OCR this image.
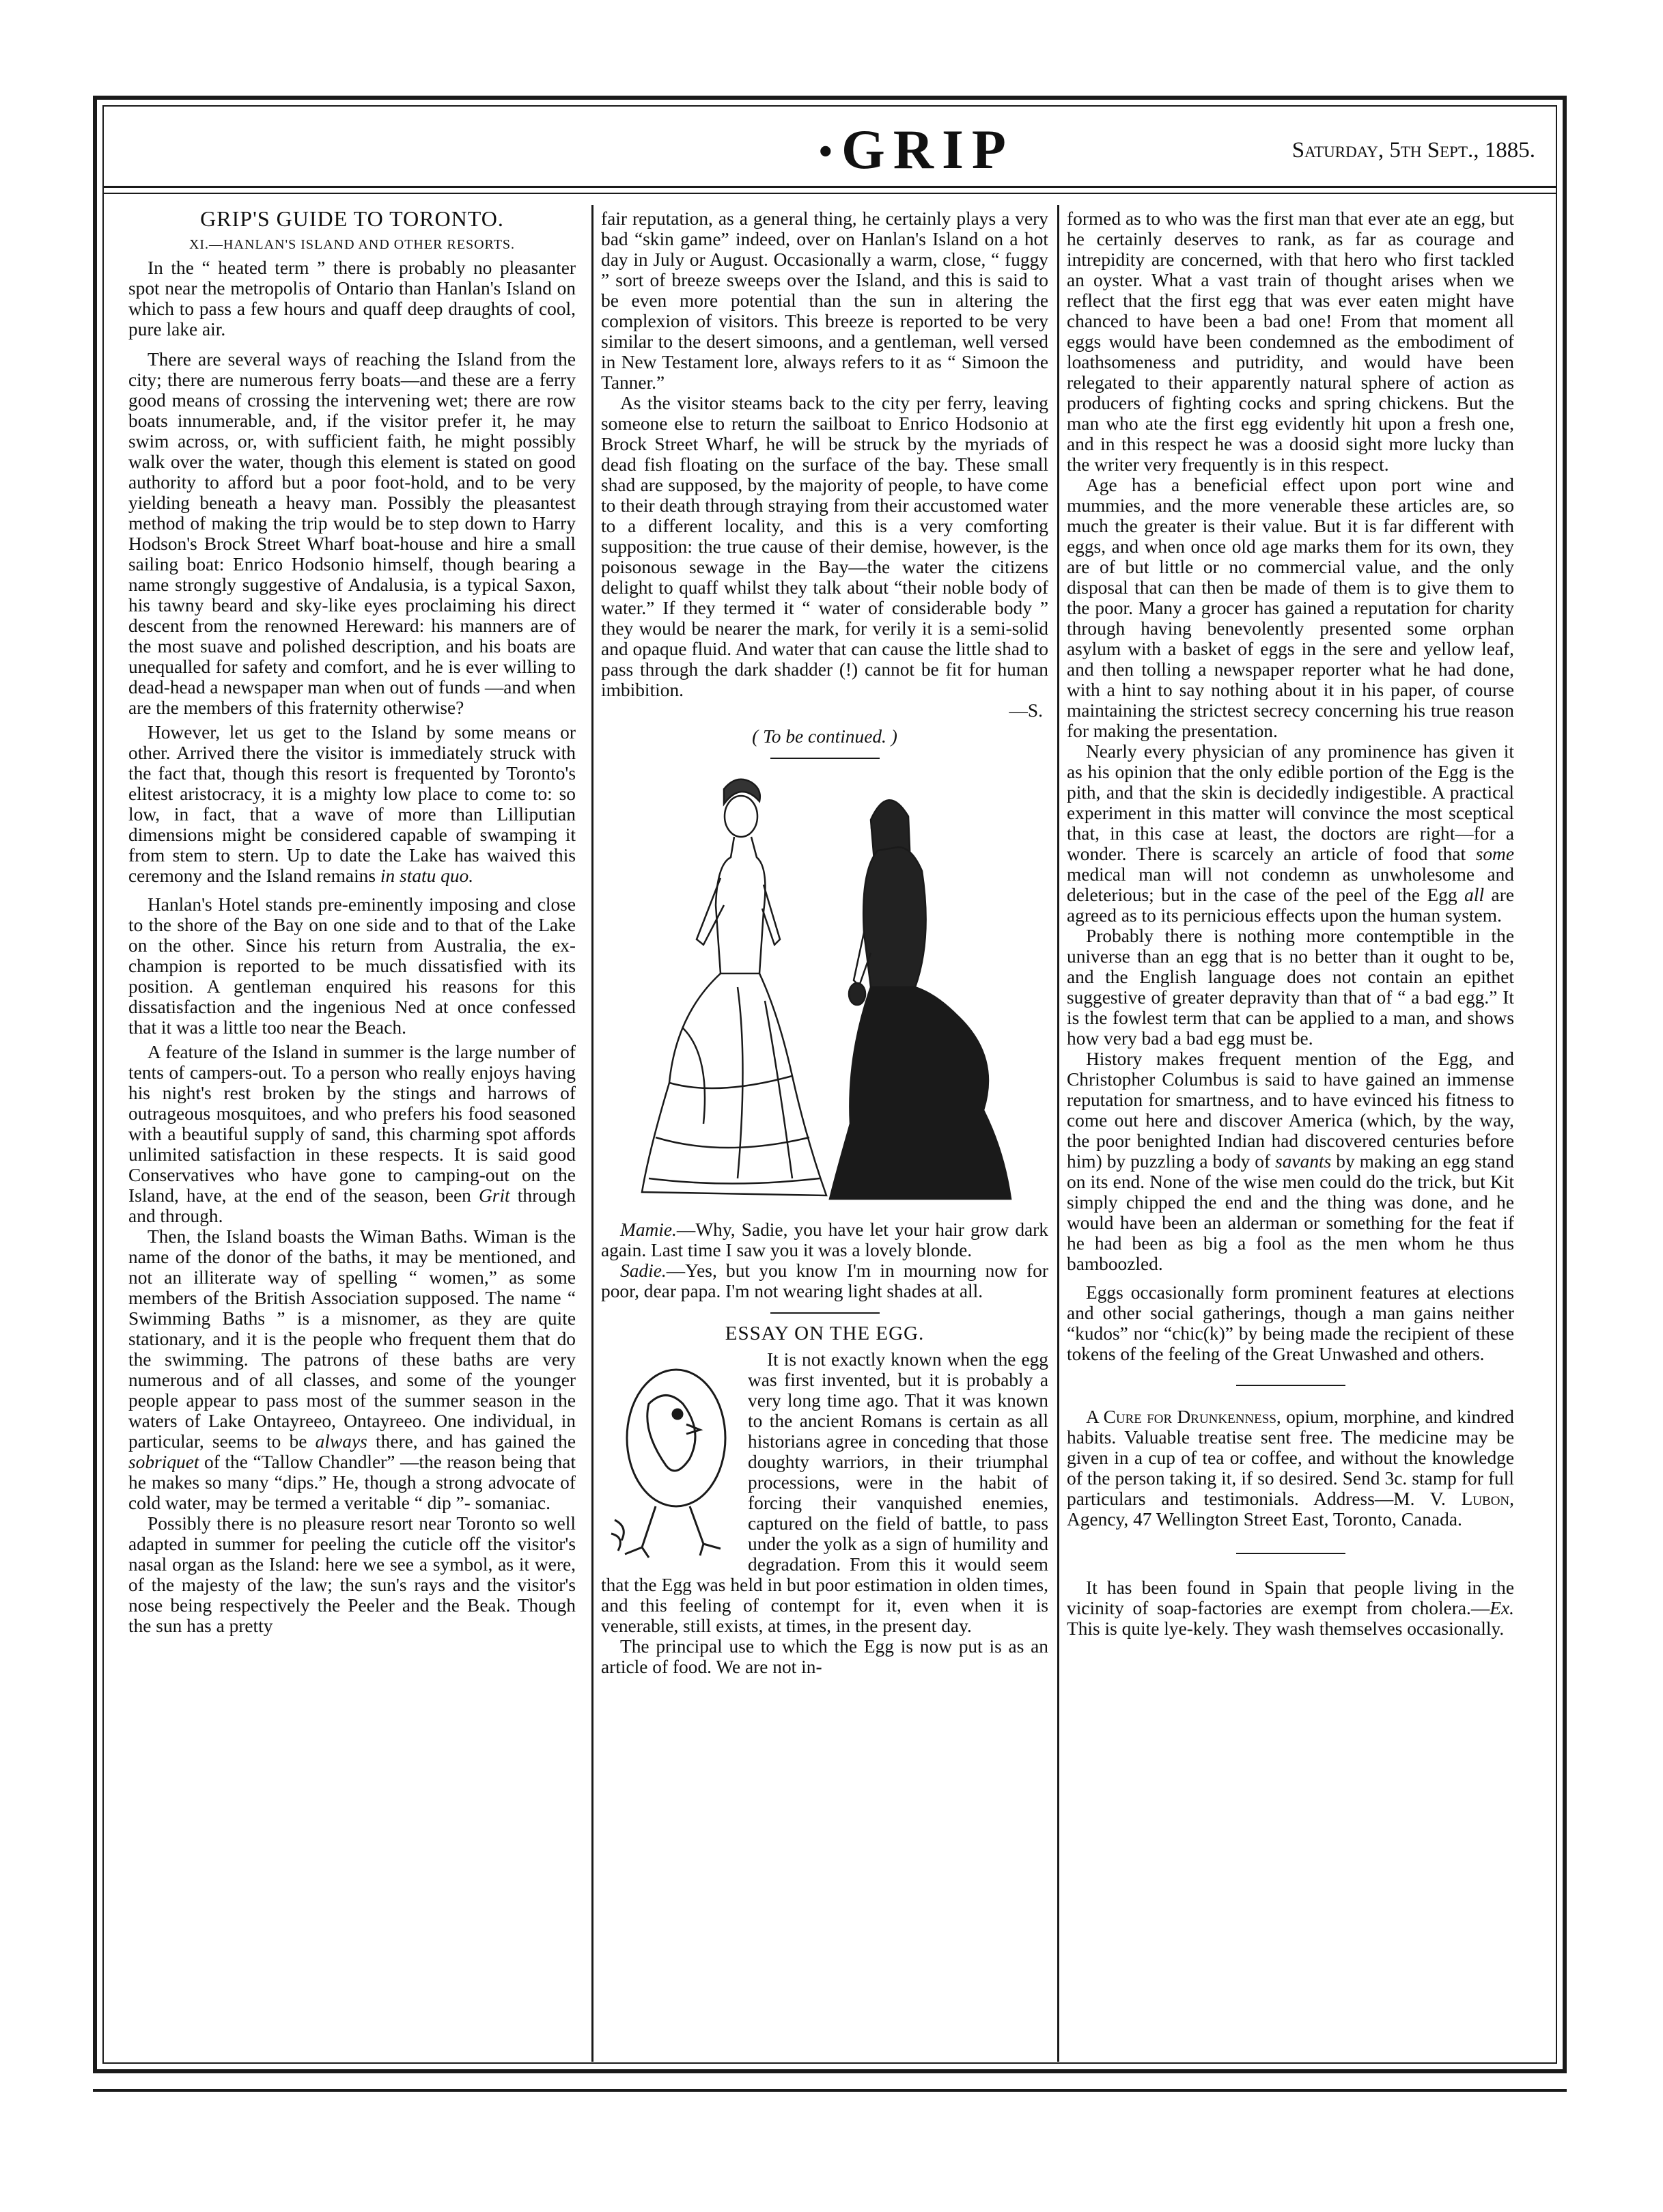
• GRIP	Saturday, 5th Sept., 1885.

GRIP'S GUIDE TO TORONTO.

XI.—HANLAN'S ISLAND AND OTHER RESORTS.

In the “ heated term ” there is probably no pleasanter spot near the metropolis of Ontario than Hanlan's Island on which to pass a few hours and quaff deep draughts of cool, pure lake air.

There are several ways of reaching the Island from the city; there are numerous ferry boats—and these are a ferry good means of crossing the intervening wet; there are row boats innumerable, and, if the visitor prefer it, he may swim across, or, with sufficient faith, he might possibly walk over the water, though this element is stated on good authority to afford but a poor foot-hold, and to be very yielding beneath a heavy man. Possibly the pleasantest method of making the trip would be to step down to Harry Hodson's Brock Street Wharf boat-house and hire a small sailing boat: Enrico Hodsonio himself, though bearing a name strongly suggestive of Andalusia, is a typical Saxon, his tawny beard and sky-like eyes proclaiming his direct descent from the renowned Hereward: his manners are of the most suave and polished description, and his boats are unequalled for safety and comfort, and he is ever willing to dead-head a newspaper man when out of funds —and when are the members of this fraternity otherwise?

However, let us get to the Island by some means or other. Arrived there the visitor is immediately struck with the fact that, though this resort is frequented by Toronto's elitest aristocracy, it is a mighty low place to come to: so low, in fact, that a wave of more than Lilliputian dimensions might be considered capable of swamping it from stem to stern. Up to date the Lake has waived this ceremony and the Island remains in statu quo.

Hanlan's Hotel stands pre-eminently imposing and close to the shore of the Bay on one side and to that of the Lake on the other. Since his return from Australia, the ex-champion is reported to be much dissatisfied with its position. A gentleman enquired his reasons for this dissatisfaction and the ingenious Ned at once confessed that it was a little too near the Beach.

A feature of the Island in summer is the large number of tents of campers-out. To a person who really enjoys having his night's rest broken by the stings and harrows of outrageous mosquitoes, and who prefers his food seasoned with a beautiful supply of sand, this charming spot affords unlimited satisfaction in these respects. It is said good Conservatives who have gone to camping-out on the Island, have, at the end of the season, been Grit through and through.

Then, the Island boasts the Wiman Baths. Wiman is the name of the donor of the baths, it may be mentioned, and not an illiterate way of spelling “ women,” as some members of the British Association supposed. The name “ Swimming Baths ” is a misnomer, as they are quite stationary, and it is the people who frequent them that do the swimming. The patrons of these baths are very numerous and of all classes, and some of the younger people appear to pass most of the summer season in the waters of Lake Ontayreeo, Ontayreeo. One individual, in particular, seems to be always there, and has gained the sobriquet of the “Tallow Chandler” —the reason being that he makes so many “dips.” He, though a strong advocate of cold water, may be termed a veritable “ dip ”- somaniac.

Possibly there is no pleasure resort near Toronto so well adapted in summer for peeling the cuticle off the visitor's nasal organ as the Island: here we see a symbol, as it were, of the majesty of the law; the sun's rays and the visitor's nose being respectively the Peeler and the Beak. Though the sun has a pretty

fair reputation, as a general thing, he certainly plays a very bad “skin game” indeed, over on Hanlan's Island on a hot day in July or August. Occasionally a warm, close, “ fuggy ” sort of breeze sweeps over the Island, and this is said to be even more potential than the sun in altering the complexion of visitors. This breeze is reported to be very similar to the desert simoons, and a gentleman, well versed in New Testament lore, always refers to it as “ Simoon the Tanner.”

As the visitor steams back to the city per ferry, leaving someone else to return the sailboat to Enrico Hodsonio at Brock Street Wharf, he will be struck by the myriads of dead fish floating on the surface of the bay. These small shad are supposed, by the majority of people, to have come to their death through straying from their accustomed water to a different locality, and this is a very comforting supposition: the true cause of their demise, however, is the poisonous sewage in the Bay—the water the citizens delight to quaff whilst they talk about “their noble body of water.” If they termed it “ water of considerable body ” they would be nearer the mark, for verily it is a semi-solid and opaque fluid. And water that can cause the little shad to pass through the dark shadder (!) cannot be fit for human imbibition.

—S.

( To be continued. )

Mamie.—Why, Sadie, you have let your hair grow dark again. Last time I saw you it was a lovely blonde.

Sadie.—Yes, but you know I'm in mourning now for poor, dear papa. I'm not wearing light shades at all.

ESSAY ON THE EGG.

It is not exactly known when the egg was first invented, but it is probably a very long time ago. That it was known to the ancient Romans is certain as all historians agree in conceding that those doughty warriors, in their triumphal processions, were in the habit of forcing their vanquished enemies, captured on the field of battle, to pass under the yolk as a sign of humility and degradation. From this it would seem that the Egg was held in but poor estimation in olden times, and this feeling of contempt for it, even when it is venerable, still exists, at times, in the present day.

The principal use to which the Egg is now put is as an article of food. We are not in-

formed as to who was the first man that ever ate an egg, but he certainly deserves to rank, as far as courage and intrepidity are concerned, with that hero who first tackled an oyster. What a vast train of thought arises when we reflect that the first egg that was ever eaten might have chanced to have been a bad one! From that moment all eggs would have been condemned as the embodiment of loathsomeness and putridity, and would have been relegated to their apparently natural sphere of action as producers of fighting cocks and spring chickens. But the man who ate the first egg evidently hit upon a fresh one, and in this respect he was a doosid sight more lucky than the writer very frequently is in this respect.

Age has a beneficial effect upon port wine and mummies, and the more venerable these articles are, so much the greater is their value. But it is far different with eggs, and when once old age marks them for its own, they are of but little or no commercial value, and the only disposal that can then be made of them is to give them to the poor. Many a grocer has gained a reputation for charity through having benevolently presented some orphan asylum with a basket of eggs in the sere and yellow leaf, and then tolling a newspaper reporter what he had done, with a hint to say nothing about it in his paper, of course maintaining the strictest secrecy concerning his true reason for making the presentation.

Nearly every physician of any prominence has given it as his opinion that the only edible portion of the Egg is the pith, and that the skin is decidedly indigestible. A practical experiment in this matter will convince the most sceptical that, in this case at least, the doctors are right—for a wonder. There is scarcely an article of food that some medical man will not condemn as unwholesome and deleterious; but in the case of the peel of the Egg all are agreed as to its pernicious effects upon the human system.

Probably there is nothing more contemptible in the universe than an egg that is no better than it ought to be, and the English language does not contain an epithet suggestive of greater depravity than that of “ a bad egg.” It is the fowlest term that can be applied to a man, and shows how very bad a bad egg must be.

History makes frequent mention of the Egg, and Christopher Columbus is said to have gained an immense reputation for smartness, and to have evinced his fitness to come out here and discover America (which, by the way, the poor benighted Indian had discovered centuries before him) by puzzling a body of savants by making an egg stand on its end. None of the wise men could do the trick, but Kit simply chipped the end and the thing was done, and he would have been an alderman or something for the feat if he had been as big a fool as the men whom he thus bamboozled.

Eggs occasionally form prominent features at elections and other social gatherings, though a man gains neither “kudos” nor “chic(k)” by being made the recipient of these tokens of the feeling of the Great Unwashed and others.

A Cure for Drunkenness, opium, morphine, and kindred habits. Valuable treatise sent free. The medicine may be given in a cup of tea or coffee, and without the knowledge of the person taking it, if so desired. Send 3c. stamp for full particulars and testimonials. Address—M. V. Lubon, Agency, 47 Wellington Street East, Toronto, Canada.

It has been found in Spain that people living in the vicinity of soap-factories are exempt from cholera.—Ex. This is quite lye-kely. They wash themselves occasionally.
